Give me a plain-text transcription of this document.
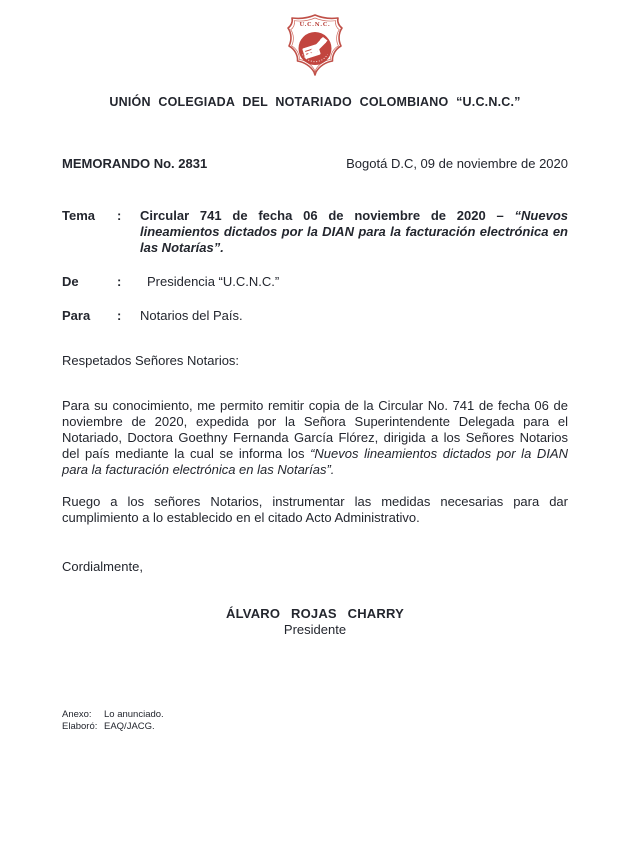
U.C.N.C.
UNIÓN COLEGIADA DEL NOTARIADO COLOMBIANO “U.C.N.C.”
MEMORANDO No. 2831	Bogotá D.C, 09 de noviembre de 2020
Tema	:	Circular 741 de fecha 06 de noviembre de 2020 – “Nuevos lineamientos dictados por la DIAN para la facturación electrónica en las Notarías”.
De	:	Presidencia “U.C.N.C.”
Para	:	Notarios del País.

Respetados Señores Notarios:

Para su conocimiento, me permito remitir copia de la Circular No. 741 de fecha 06 de noviembre de 2020, expedida por la Señora Superintendente Delegada para el Notariado, Doctora Goethny Fernanda García Flórez, dirigida a los Señores Notarios del país mediante la cual se informa los “Nuevos lineamientos dictados por la DIAN para la facturación electrónica en las Notarías”.

Ruego a los señores Notarios, instrumentar las medidas necesarias para dar cumplimiento a lo establecido en el citado Acto Administrativo.

Cordialmente,

ÁLVARO ROJAS CHARRY
Presidente
Anexo: Lo anunciado.
Elaboró: EAQ/JACG.
